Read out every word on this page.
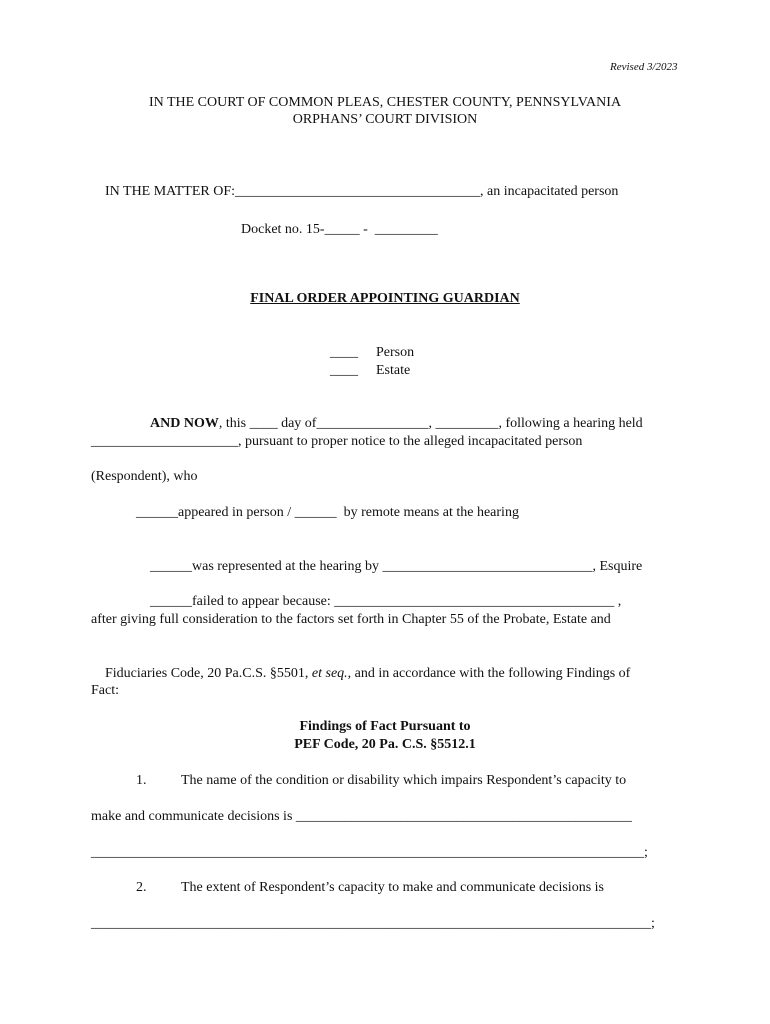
Revised 3/2023
IN THE COURT OF COMMON PLEAS, CHESTER COUNTY, PENNSYLVANIA
ORPHANS’ COURT DIVISION

IN THE MATTER OF:___________________________________, an incapacitated person

Docket no. 15-_____ -  _________

FINAL ORDER APPOINTING GUARDIAN

____ Person

____ Estate

AND NOW, this ____ day of________________, _________, following a hearing held

_____________________, pursuant to proper notice to the alleged incapacitated person
(Respondent), who
______appeared in person / ______  by remote means at the hearing

______was represented at the hearing by ______________________________, Esquire

______failed to appear because: ________________________________________ ,

after giving full consideration to the factors set forth in Chapter 55 of the Probate, Estate and

Fiduciaries Code, 20 Pa.C.S. §5501, et seq., and in accordance with the following Findings of

Fact:
Findings of Fact Pursuant to
PEF Code, 20 Pa. C.S. §5512.1
1. The name of the condition or disability which impairs Respondent’s capacity to
make and communicate decisions is ________________________________________________
_______________________________________________________________________________;
2. The extent of Respondent’s capacity to make and communicate decisions is
________________________________________________________________________________;
